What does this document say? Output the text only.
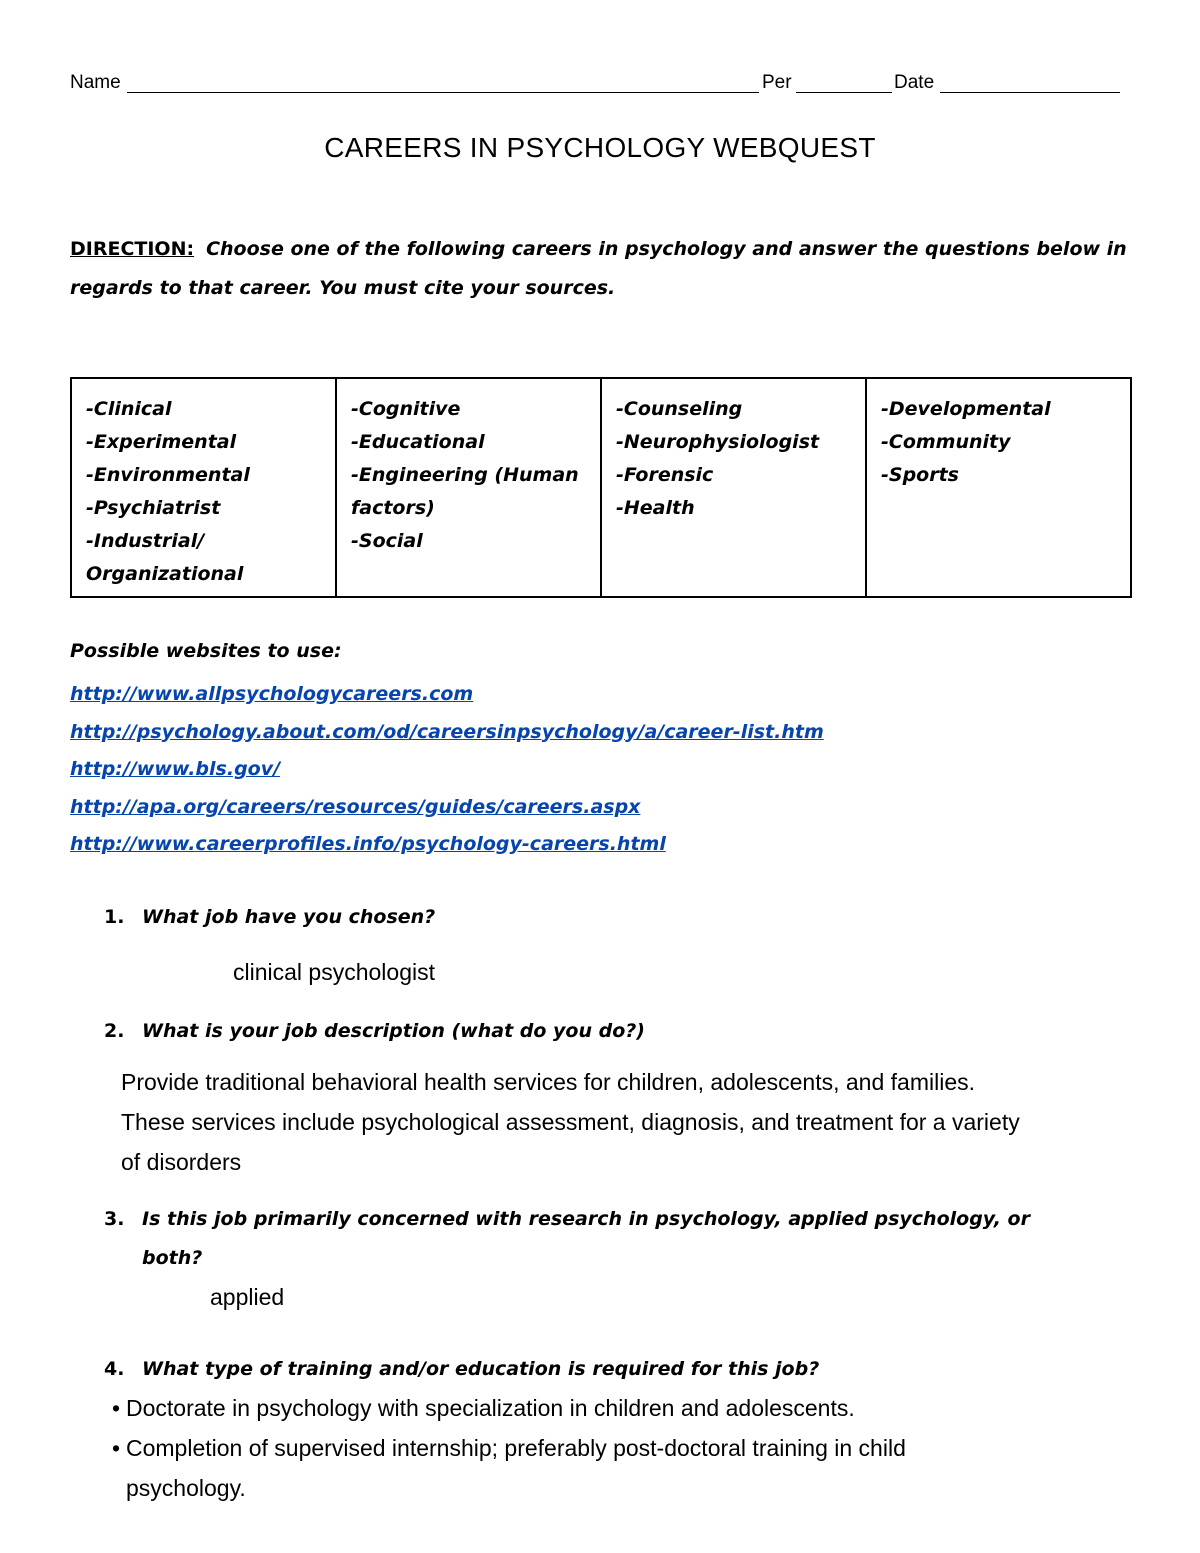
Name	Per	Date
CAREERS IN PSYCHOLOGY WEBQUEST
DIRECTION: Choose one of the following careers in psychology and answer the questions below in regards to that career. You must cite your sources.
-Clinical
-Experimental
-Environmental
-Psychiatrist
-Industrial/ Organizational

-Cognitive
-Educational
-Engineering (Human factors)
-Social

-Counseling
-Neurophysiologist
-Forensic
-Health

-Developmental
-Community
-Sports
Possible websites to use:
http://www.allpsychologycareers.com
http://psychology.about.com/od/careersinpsychology/a/career-list.htm
http://www.bls.gov/
http://apa.org/careers/resources/guides/careers.aspx
http://www.careerprofiles.info/psychology-careers.html
1. What job have you chosen?
clinical psychologist
2. What is your job description (what do you do?)
Provide traditional behavioral health services for children, adolescents, and families.
These services include psychological assessment, diagnosis, and treatment for a variety
of disorders
3. Is this job primarily concerned with research in psychology, applied psychology, or
both?
applied
4. What type of training and/or education is required for this job?
• Doctorate in psychology with specialization in children and adolescents.
• Completion of supervised internship; preferably post-doctoral training in child
psychology.
